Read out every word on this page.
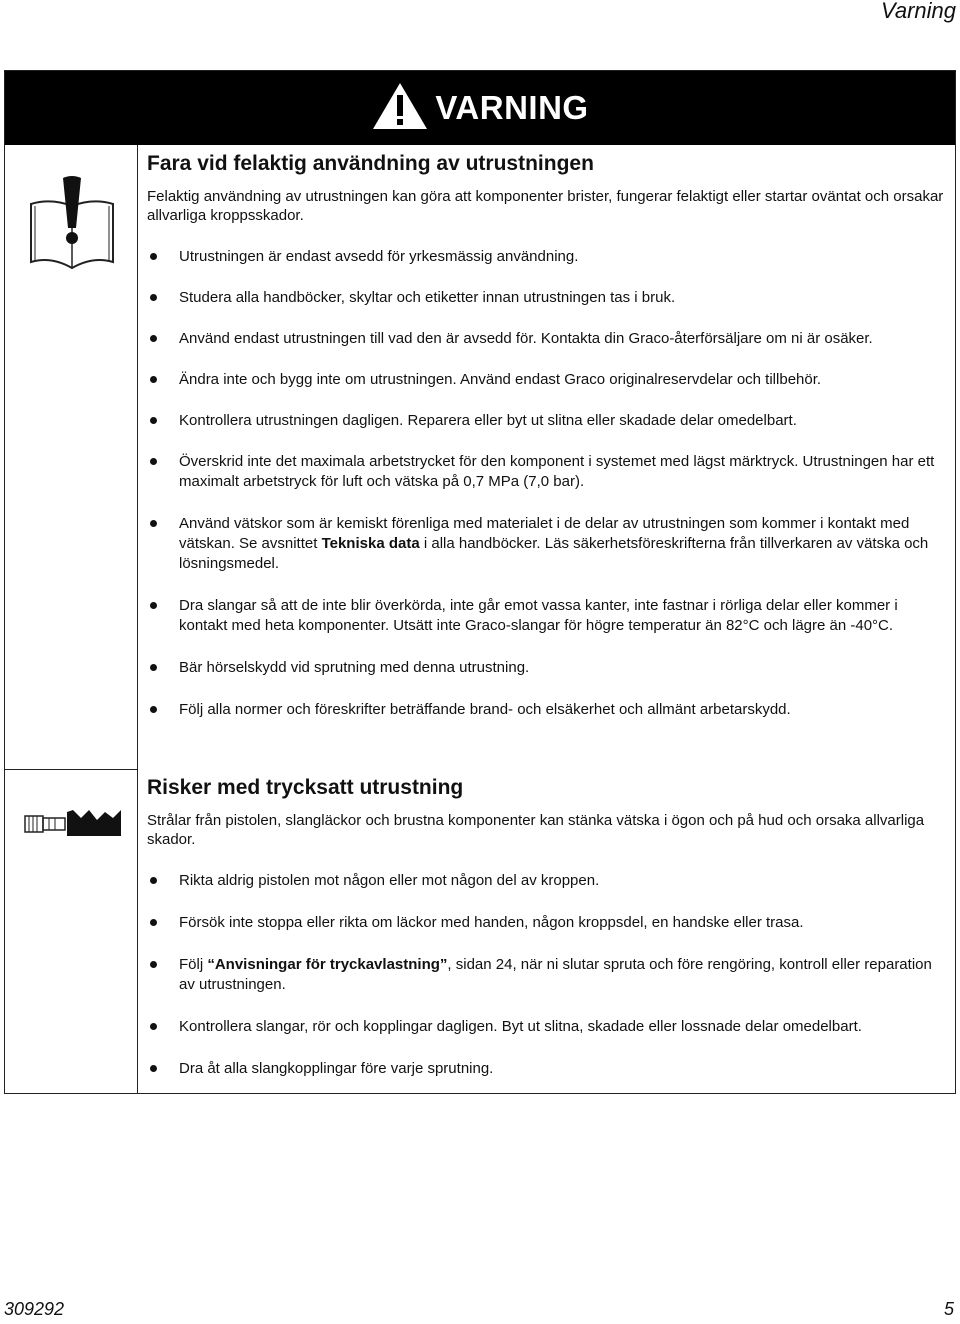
Varning
VARNING
Fara vid felaktig användning av utrustningen

Felaktig användning av utrustningen kan göra att komponenter brister, fungerar felaktigt eller startar oväntat och orsakar allvarliga kroppsskador.

Utrustningen är endast avsedd för yrkesmässig användning.
Studera alla handböcker, skyltar och etiketter innan utrustningen tas i bruk.
Använd endast utrustningen till vad den är avsedd för. Kontakta din Graco-återförsäljare om ni är osäker.
Ändra inte och bygg inte om utrustningen. Använd endast Graco originalreservdelar och tillbehör.
Kontrollera utrustningen dagligen. Reparera eller byt ut slitna eller skadade delar omedelbart.
Överskrid inte det maximala arbetstrycket för den komponent i systemet med lägst märktryck. Utrustningen har ett maximalt arbetstryck för luft och vätska på 0,7 MPa (7,0 bar).
Använd vätskor som är kemiskt förenliga med materialet i de delar av utrustningen som kommer i kontakt med vätskan. Se avsnittet Tekniska data i alla handböcker. Läs säkerhetsföreskrifterna från tillverkaren av vätska och lösningsmedel.
Dra slangar så att de inte blir överkörda, inte går emot vassa kanter, inte fastnar i rörliga delar eller kommer i kontakt med heta komponenter. Utsätt inte Graco-slangar för högre temperatur än 82°C och lägre än -40°C.
Bär hörselskydd vid sprutning med denna utrustning.
Följ alla normer och föreskrifter beträffande brand- och elsäkerhet och allmänt arbetarskydd.
Risker med trycksatt utrustning

Strålar från pistolen, slangläckor och brustna komponenter kan stänka vätska i ögon och på hud och orsaka allvarliga skador.

Rikta aldrig pistolen mot någon eller mot någon del av kroppen.
Försök inte stoppa eller rikta om läckor med handen, någon kroppsdel, en handske eller trasa.
Följ “Anvisningar för tryckavlastning”, sidan 24, när ni slutar spruta och före rengöring, kontroll eller reparation av utrustningen.
Kontrollera slangar, rör och kopplingar dagligen. Byt ut slitna, skadade eller lossnade delar omedelbart.
Dra åt alla slangkopplingar före varje sprutning.
309292	5
